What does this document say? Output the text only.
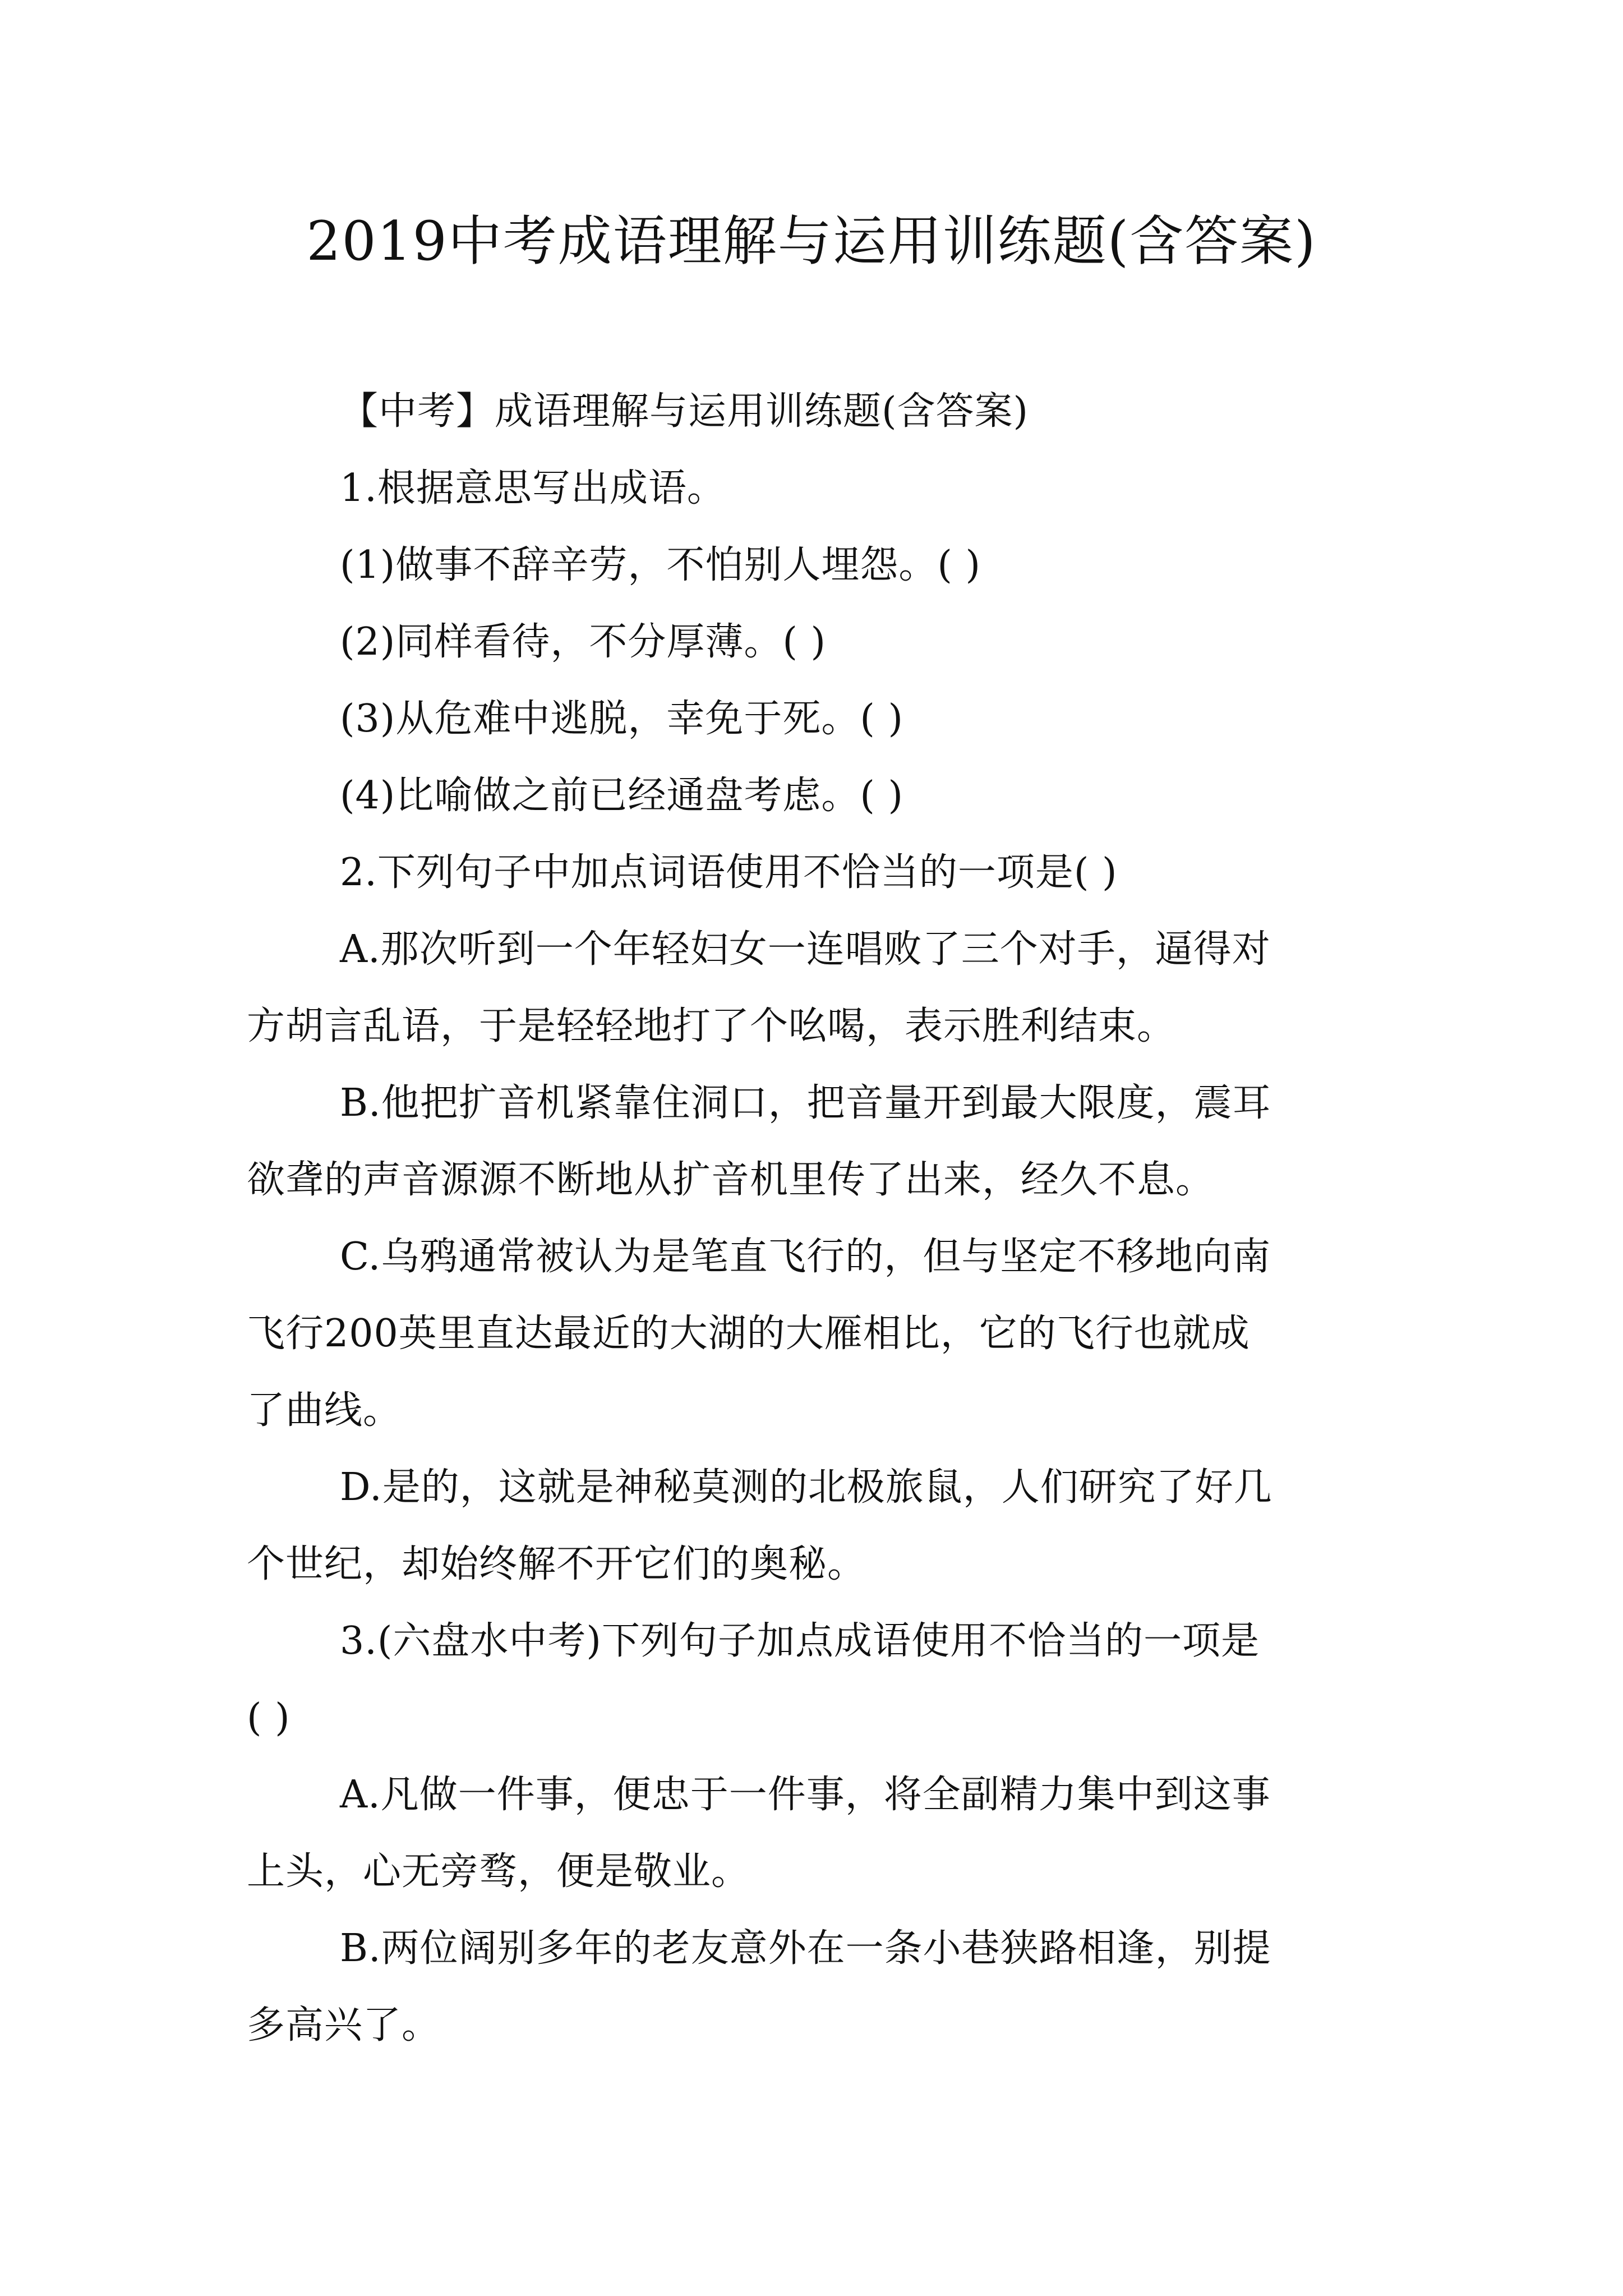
2019中考成语理解与运用训练题(含答案)

【中考】成语理解与运用训练题(含答案)

1.根据意思写出成语。

(1)做事不辞辛劳，不怕别人埋怨。( )

(2)同样看待，不分厚薄。( )

(3)从危难中逃脱，幸免于死。( )

(4)比喻做之前已经通盘考虑。( )

2.下列句子中加点词语使用不恰当的一项是( )

A.那次听到一个年轻妇女一连唱败了三个对手，逼得对
方胡言乱语，于是轻轻地打了个吆喝，表示胜利结束。

B.他把扩音机紧靠住洞口，把音量开到最大限度，震耳
欲聋的声音源源不断地从扩音机里传了出来，经久不息。

C.乌鸦通常被认为是笔直飞行的，但与坚定不移地向南
飞行200英里直达最近的大湖的大雁相比，它的飞行也就成
了曲线。

D.是的，这就是神秘莫测的北极旅鼠，人们研究了好几
个世纪，却始终解不开它们的奥秘。

3.(六盘水中考)下列句子加点成语使用不恰当的一项是
( )

A.凡做一件事，便忠于一件事，将全副精力集中到这事
上头，心无旁骛，便是敬业。

B.两位阔别多年的老友意外在一条小巷狭路相逢，别提
多高兴了。
